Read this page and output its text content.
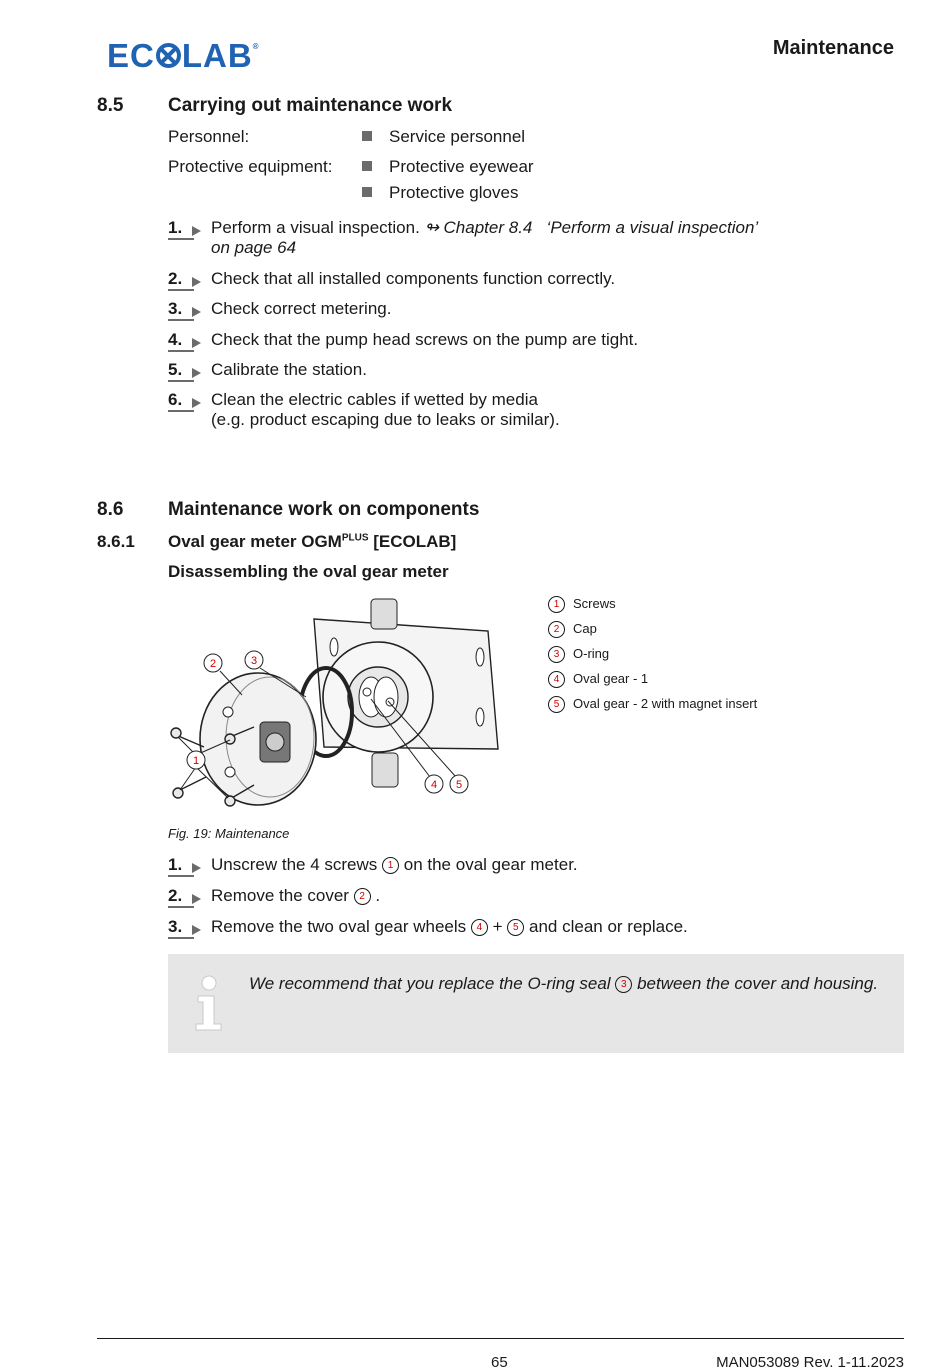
EC LAB®	Maintenance
8.5 Carrying out maintenance work
Personnel:	Service personnel
Protective equipment:	Protective eyewear
Protective gloves
1.	Perform a visual inspection. ↬ Chapter 8.4 ‘Perform a visual inspection’
on page 64
2.	Check that all installed components function correctly.
3.	Check correct metering.
4.	Check that the pump head screws on the pump are tight.
5.	Calibrate the station.
6.	Clean the electric cables if wetted by media
(e.g. product escaping due to leaks or similar).
8.6 Maintenance work on components
8.6.1 Oval gear meter $OGM^{PLUS}$ [ECOLAB]
Disassembling the oval gear meter
2	3
1
4 5
1 Screws
2 Cap
3 O-ring
4 Oval gear - 1
5 Oval gear - 2 with magnet insert
Fig. 19: Maintenance
1.	Unscrew the 4 screws 1 on the oval gear meter.
2.	Remove the cover 2 .
3.	Remove the two oval gear wheels 4 + 5 and clean or replace.
We recommend that you replace the O-ring seal 3 between the cover and housing.
65	MAN053089 Rev. 1-11.2023
